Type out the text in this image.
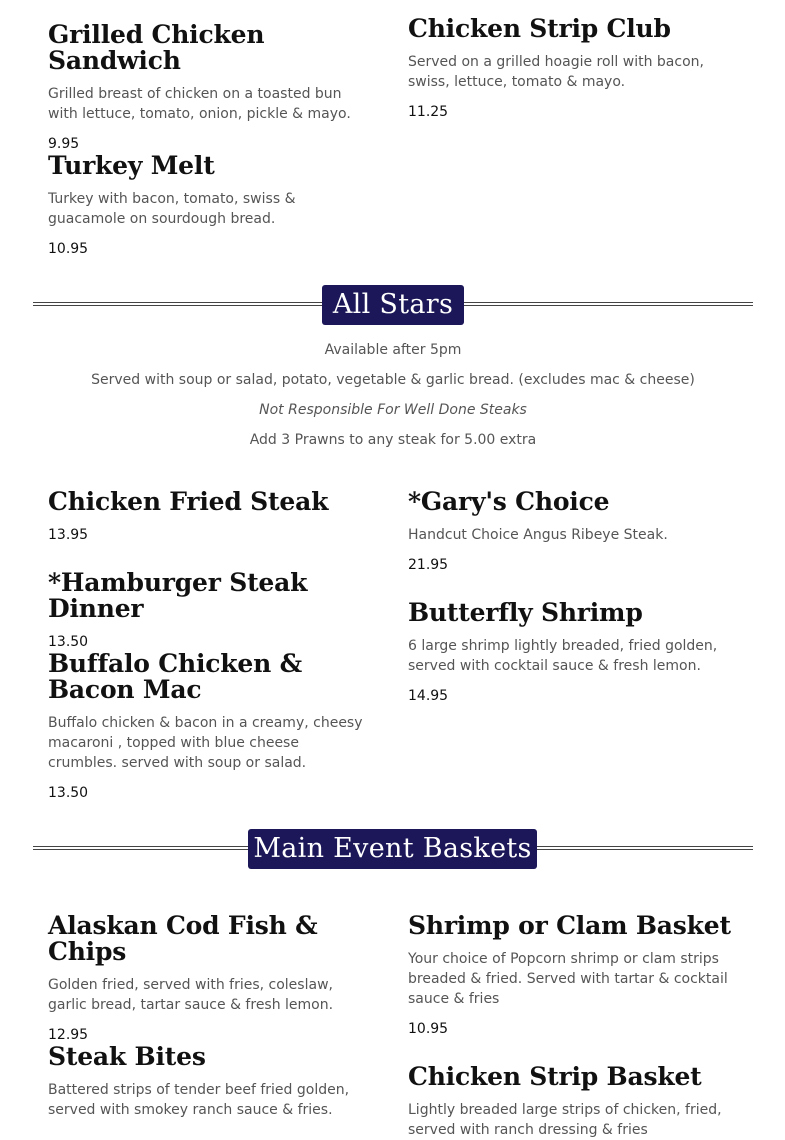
Grilled Chicken Sandwich
Grilled breast of chicken on a toasted bun with lettuce, tomato, onion, pickle & mayo.
9.95
Chicken Strip Club
Served on a grilled hoagie roll with bacon, swiss, lettuce, tomato & mayo.
11.25
Turkey Melt
Turkey with bacon, tomato, swiss & guacamole on sourdough bread.
10.95
All Stars
Available after 5pm
Served with soup or salad, potato, vegetable & garlic bread. (excludes mac & cheese)
Not Responsible For Well Done Steaks
Add 3 Prawns to any steak for 5.00 extra
Chicken Fried Steak
13.95
*Gary's Choice
Handcut Choice Angus Ribeye Steak.
21.95
*Hamburger Steak Dinner
13.50
Butterfly Shrimp
6 large shrimp lightly breaded, fried golden, served with cocktail sauce & fresh lemon.
14.95
Buffalo Chicken & Bacon Mac
Buffalo chicken & bacon in a creamy, cheesy macaroni , topped with blue cheese crumbles. served with soup or salad.
13.50
Main Event Baskets
Alaskan Cod Fish & Chips
Golden fried, served with fries, coleslaw, garlic bread, tartar sauce & fresh lemon.
12.95
Shrimp or Clam Basket
Your choice of Popcorn shrimp or clam strips breaded & fried. Served with tartar & cocktail sauce & fries
10.95
Steak Bites
Battered strips of tender beef fried golden, served with smokey ranch sauce & fries.
Chicken Strip Basket
Lightly breaded large strips of chicken, fried, served with ranch dressing & fries
